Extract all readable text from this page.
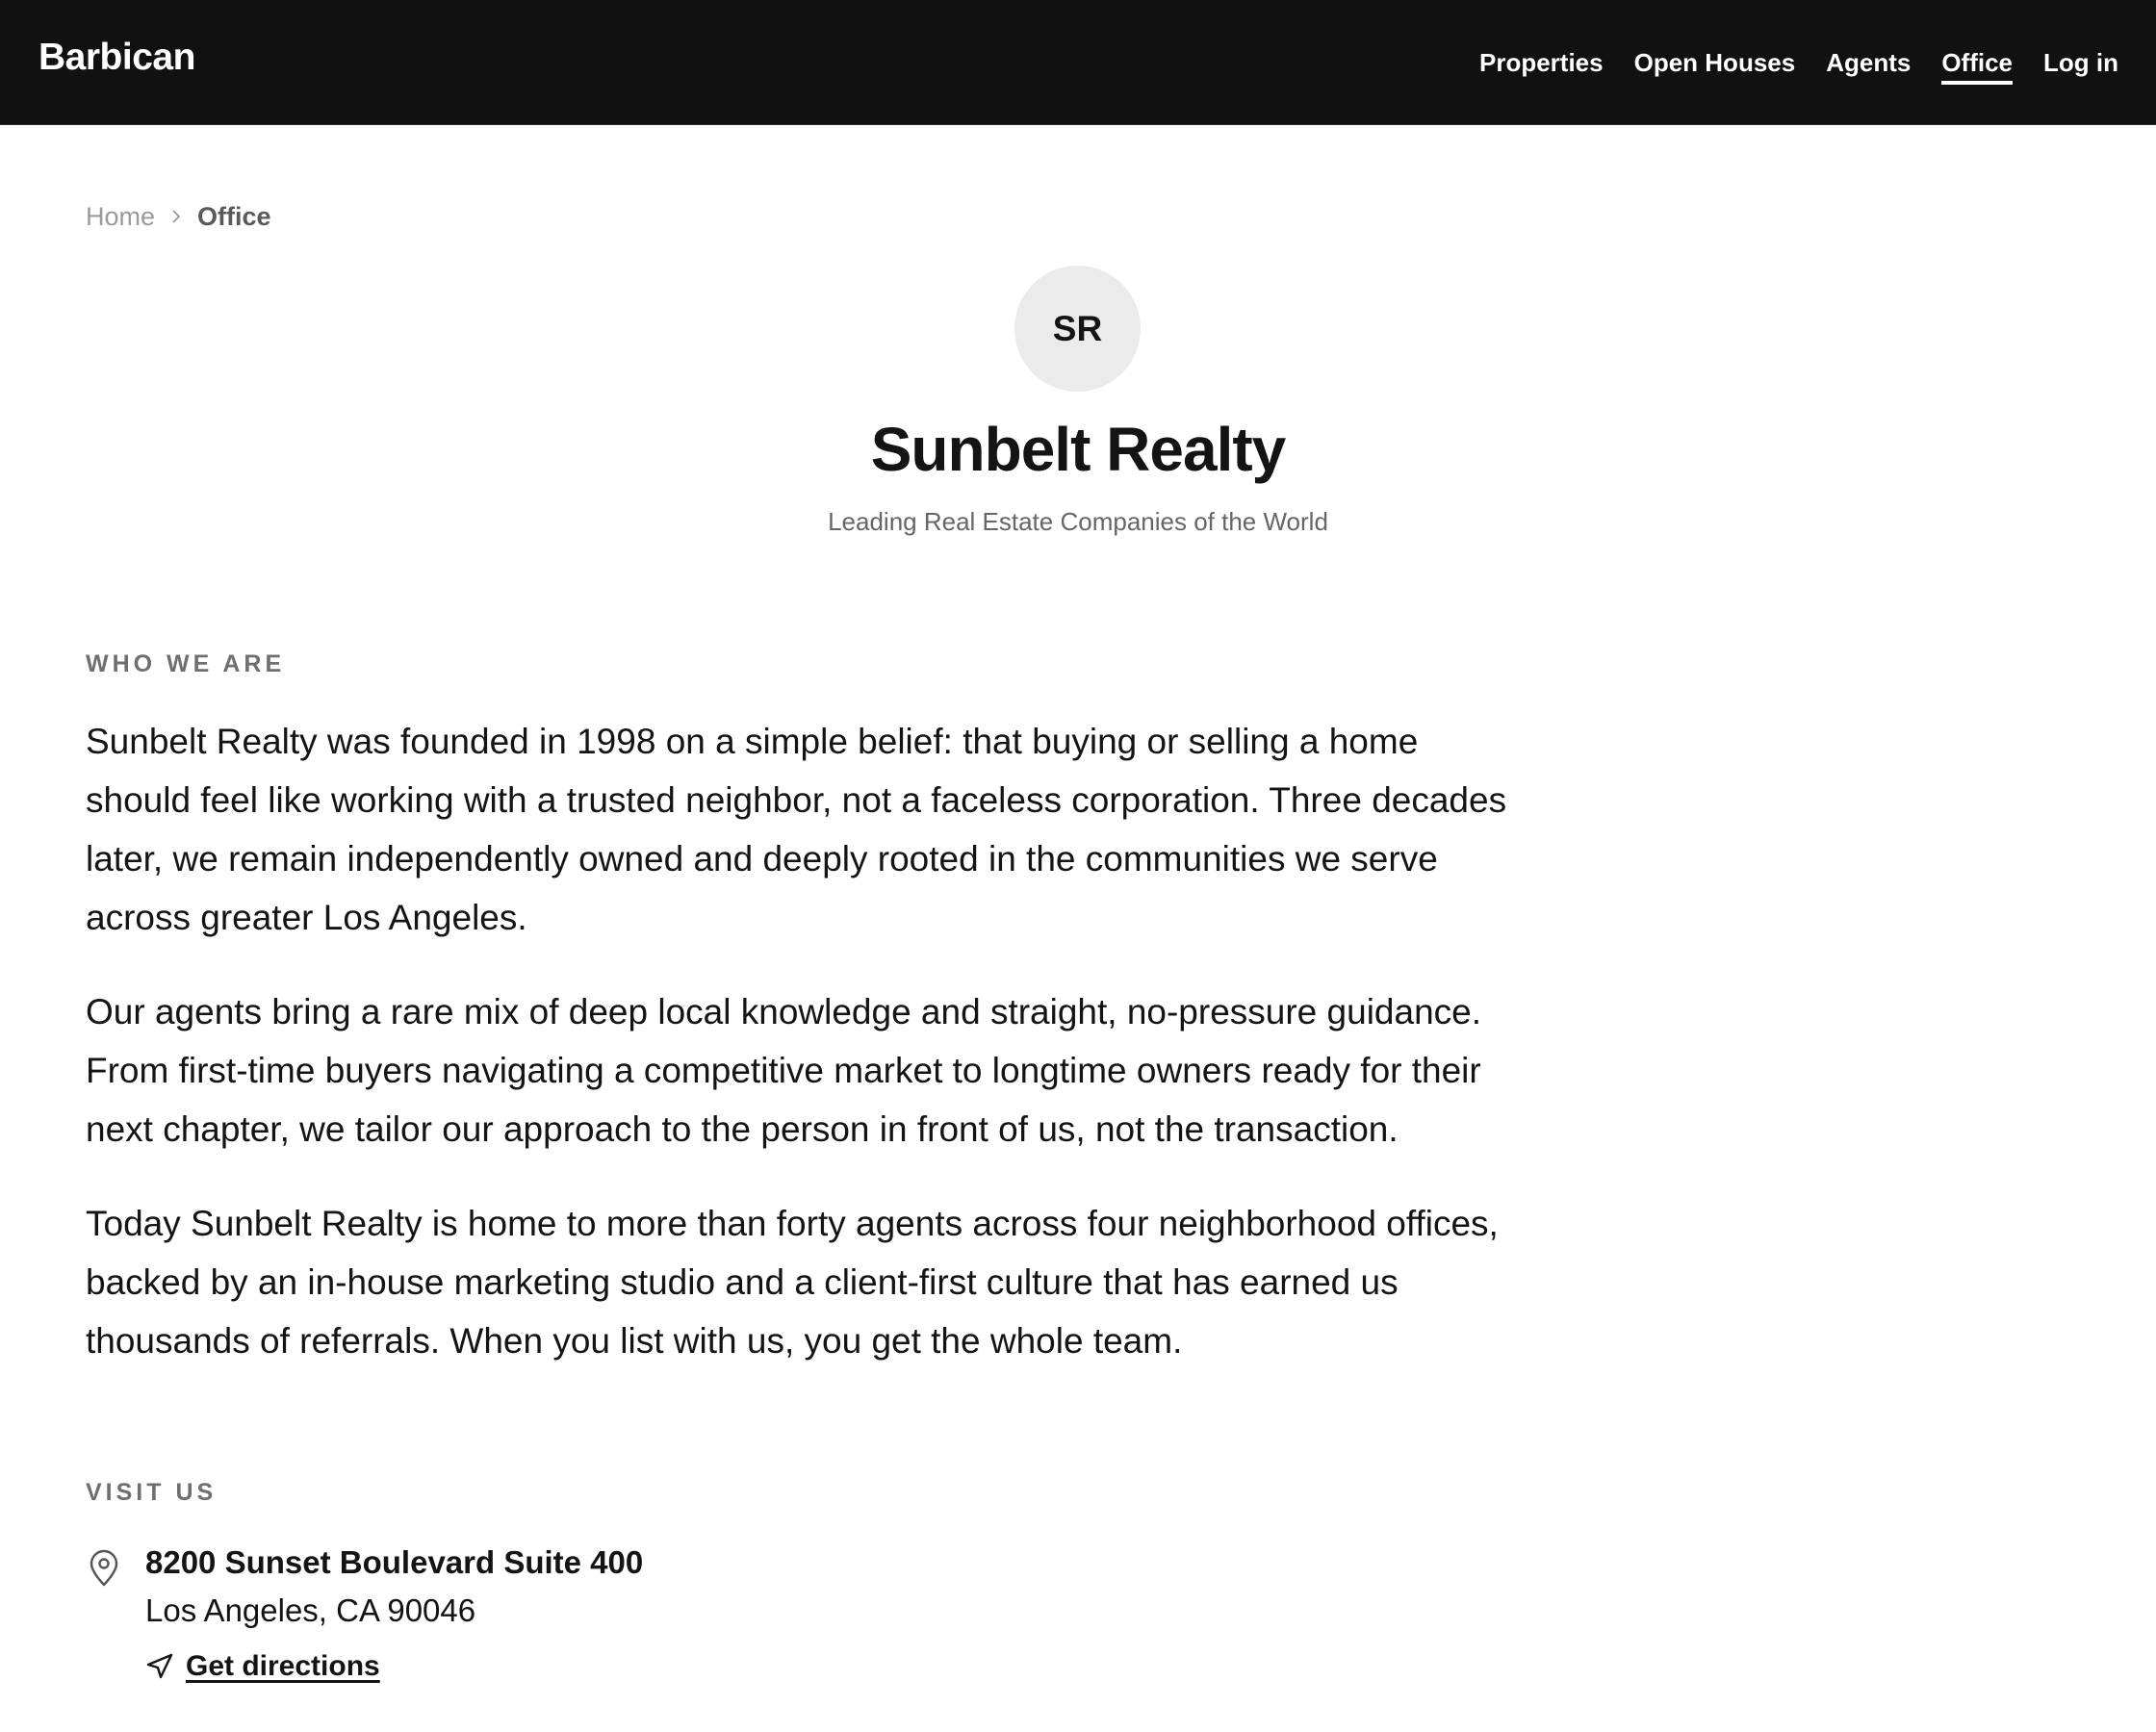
Barbican	Properties Open Houses Agents Office Log in
Home Office
SR
Sunbelt Realty
Leading Real Estate Companies of the World
WHO WE ARE

Sunbelt Realty was founded in 1998 on a simple belief: that buying or selling a home should feel like working with a trusted neighbor, not a faceless corporation. Three decades later, we remain independently owned and deeply rooted in the communities we serve across greater Los Angeles.

Our agents bring a rare mix of deep local knowledge and straight, no-pressure guidance. From first-time buyers navigating a competitive market to longtime owners ready for their next chapter, we tailor our approach to the person in front of us, not the transaction.

Today Sunbelt Realty is home to more than forty agents across four neighborhood offices, backed by an in-house marketing studio and a client-first culture that has earned us thousands of referrals. When you list with us, you get the whole team.

VISIT US
8200 Sunset Boulevard Suite 400
Los Angeles, CA 90046
Get directions
